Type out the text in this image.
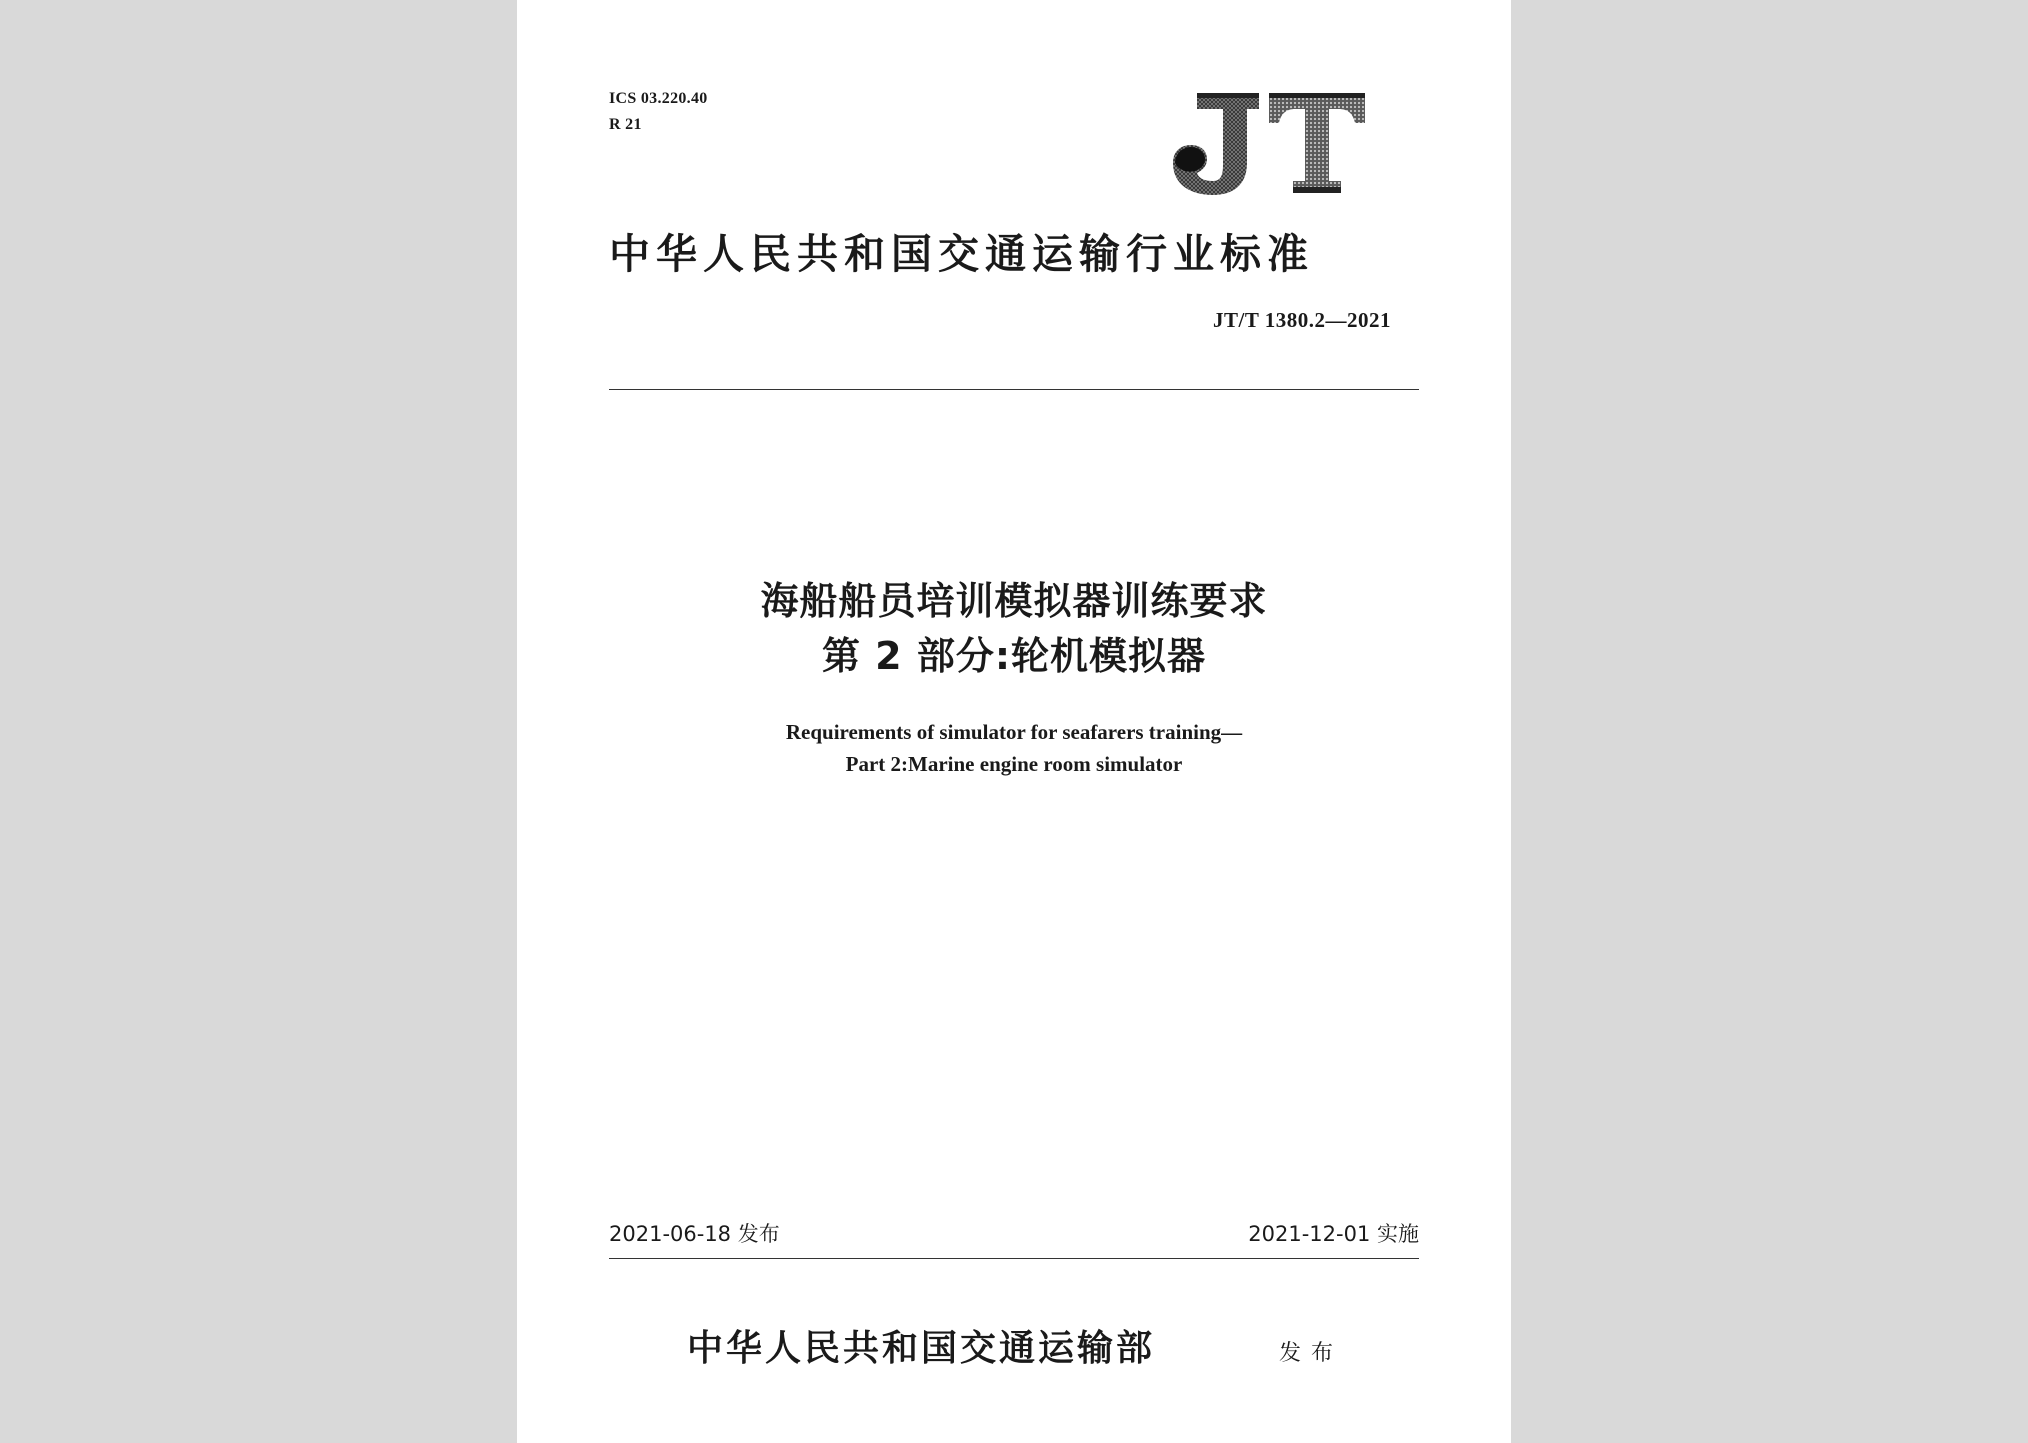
ICS 03.220.40
R 21
中华人民共和国交通运输行业标准
JT/T 1380.2—2021
海船船员培训模拟器训练要求
第 2 部分:轮机模拟器
Requirements of simulator for seafarers training—
Part 2:Marine engine room simulator
2021-06-18 发布	2021-12-01 实施
中华人民共和国交通运输部	发布
